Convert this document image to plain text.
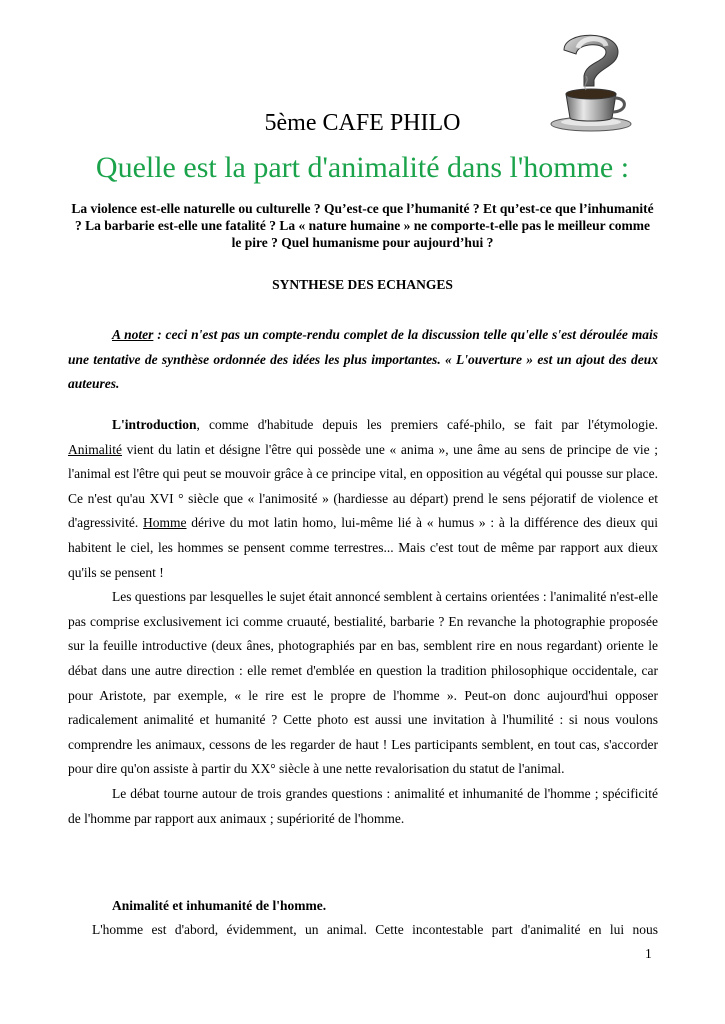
5ème CAFE PHILO
Quelle est la part d'animalité dans l'homme :
La violence est-elle naturelle ou culturelle ? Qu’est-ce que l’humanité ? Et qu’est-ce que l’inhumanité ? La barbarie est-elle une fatalité ? La « nature humaine » ne comporte-t-elle pas le meilleur comme le pire ? Quel humanisme pour aujourd’hui ?
SYNTHESE DES ECHANGES
A noter : ceci n'est pas un compte-rendu complet de la discussion telle qu'elle s'est déroulée mais une tentative de synthèse ordonnée des idées les plus importantes. « L'ouverture » est un ajout des deux auteures.

L'introduction, comme d'habitude depuis les premiers café-philo, se fait par l'étymologie. Animalité vient du latin et désigne l'être qui possède une « anima », une âme au sens de principe de vie ; l'animal est l'être qui peut se mouvoir grâce à ce principe vital, en opposition au végétal qui pousse sur place. Ce n'est qu'au XVI ° siècle que « l'animosité » (hardiesse au départ) prend le sens péjoratif de violence et d'agressivité. Homme dérive du mot latin homo, lui-même lié à « humus » : à la différence des dieux qui habitent le ciel, les hommes se pensent comme terrestres... Mais c'est tout de même par rapport aux dieux qu'ils se pensent !

Les questions par lesquelles le sujet était annoncé semblent à certains orientées : l'animalité n'est-elle pas comprise exclusivement ici comme cruauté, bestialité, barbarie ? En revanche la photographie proposée sur la feuille introductive (deux ânes, photographiés par en bas, semblent rire en nous regardant) oriente le débat dans une autre direction : elle remet d'emblée en question la tradition philosophique occidentale, car pour Aristote, par exemple, « le rire est le propre de l'homme ». Peut-on donc aujourd'hui opposer radicalement animalité et humanité ? Cette photo est aussi une invitation à l'humilité : si nous voulons comprendre les animaux, cessons de les regarder de haut ! Les participants semblent, en tout cas, s'accorder pour dire qu'on assiste à partir du XX° siècle à une nette revalorisation du statut de l'animal.

Le débat tourne autour de trois grandes questions : animalité et inhumanité de l'homme ; spécificité de l'homme par rapport aux animaux ; supériorité de l'homme.

Animalité et inhumanité de l'homme.
L'homme est d'abord, évidemment, un animal. Cette incontestable part d'animalité en lui nous
1
